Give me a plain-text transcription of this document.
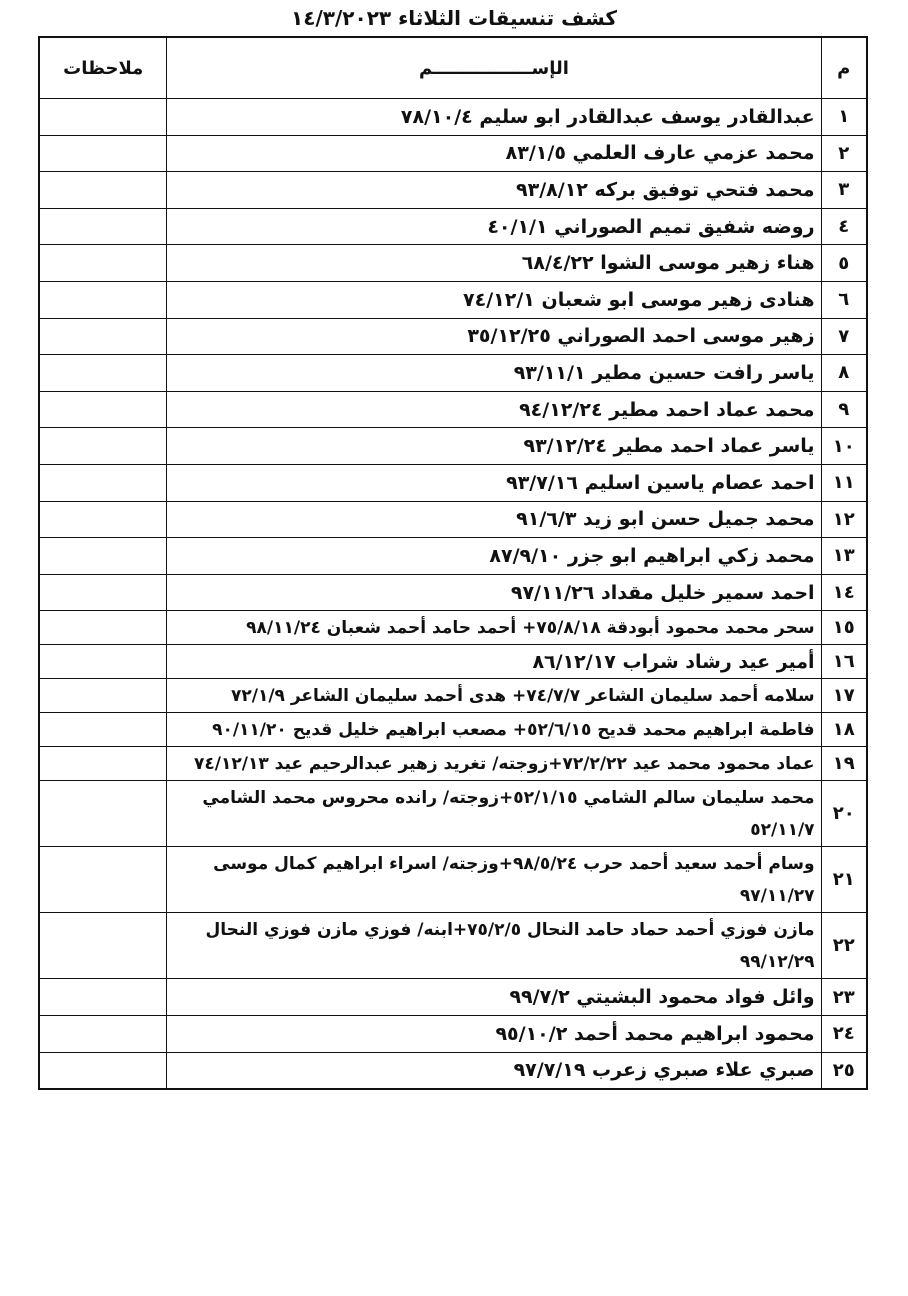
كشف تنسيقات الثلاثاء ١٤/٣/٢٠٢٣
م	الإســــــــــــــــم	ملاحظات
١	عبدالقادر يوسف عبدالقادر ابو سليم ٧٨/١٠/٤	
٢	محمد عزمي عارف العلمي ٨٣/١/٥	
٣	محمد فتحي توفيق بركه ٩٣/٨/١٢	
٤	روضه شفيق تميم الصوراني ٤٠/١/١	
٥	هناء زهير موسى الشوا ٦٨/٤/٢٢	
٦	هنادى زهير موسى ابو شعبان ٧٤/١٢/١	
٧	زهير موسى احمد الصوراني ٣٥/١٢/٢٥	
٨	ياسر رافت حسين مطير ٩٣/١١/١	
٩	محمد عماد احمد مطير ٩٤/١٢/٢٤	
١٠	ياسر عماد احمد مطير ٩٣/١٢/٢٤	
١١	احمد عصام ياسين اسليم ٩٣/٧/١٦	
١٢	محمد جميل حسن ابو زيد ٩١/٦/٣	
١٣	محمد زكي ابراهيم ابو جزر ٨٧/٩/١٠	
١٤	احمد سمير خليل مقداد ٩٧/١١/٢٦	
١٥	سحر محمد محمود أبودقة ٧٥/٨/١٨+ أحمد حامد أحمد شعبان ٩٨/١١/٢٤	
١٦	أمير عيد رشاد شراب ٨٦/١٢/١٧	
١٧	سلامه أحمد سليمان الشاعر ٧٤/٧/٧+ هدى أحمد سليمان الشاعر ٧٢/١/٩	
١٨	فاطمة ابراهيم محمد قديح ٥٢/٦/١٥+ مصعب ابراهيم خليل قديح ٩٠/١١/٢٠	
١٩	عماد محمود محمد عيد ٧٢/٢/٢٢+زوجته/ تغريد زهير عبدالرحيم عيد ٧٤/١٢/١٣	
٢٠	محمد سليمان سالم الشامي ٥٢/١/١٥+زوجته/ رانده محروس محمد الشامي ٥٢/١١/٧	
٢١	وسام أحمد سعيد أحمد حرب ٩٨/٥/٢٤+وزجته/ اسراء ابراهيم كمال موسى ٩٧/١١/٢٧	
٢٢	مازن فوزي أحمد حماد حامد النحال ٧٥/٢/٥+ابنه/ فوزي مازن فوزي النحال ٩٩/١٢/٢٩	
٢٣	وائل فواد محمود البشيتي ٩٩/٧/٢	
٢٤	محمود ابراهيم محمد أحمد ٩٥/١٠/٢	
٢٥	صبري علاء صبري زعرب ٩٧/٧/١٩	
